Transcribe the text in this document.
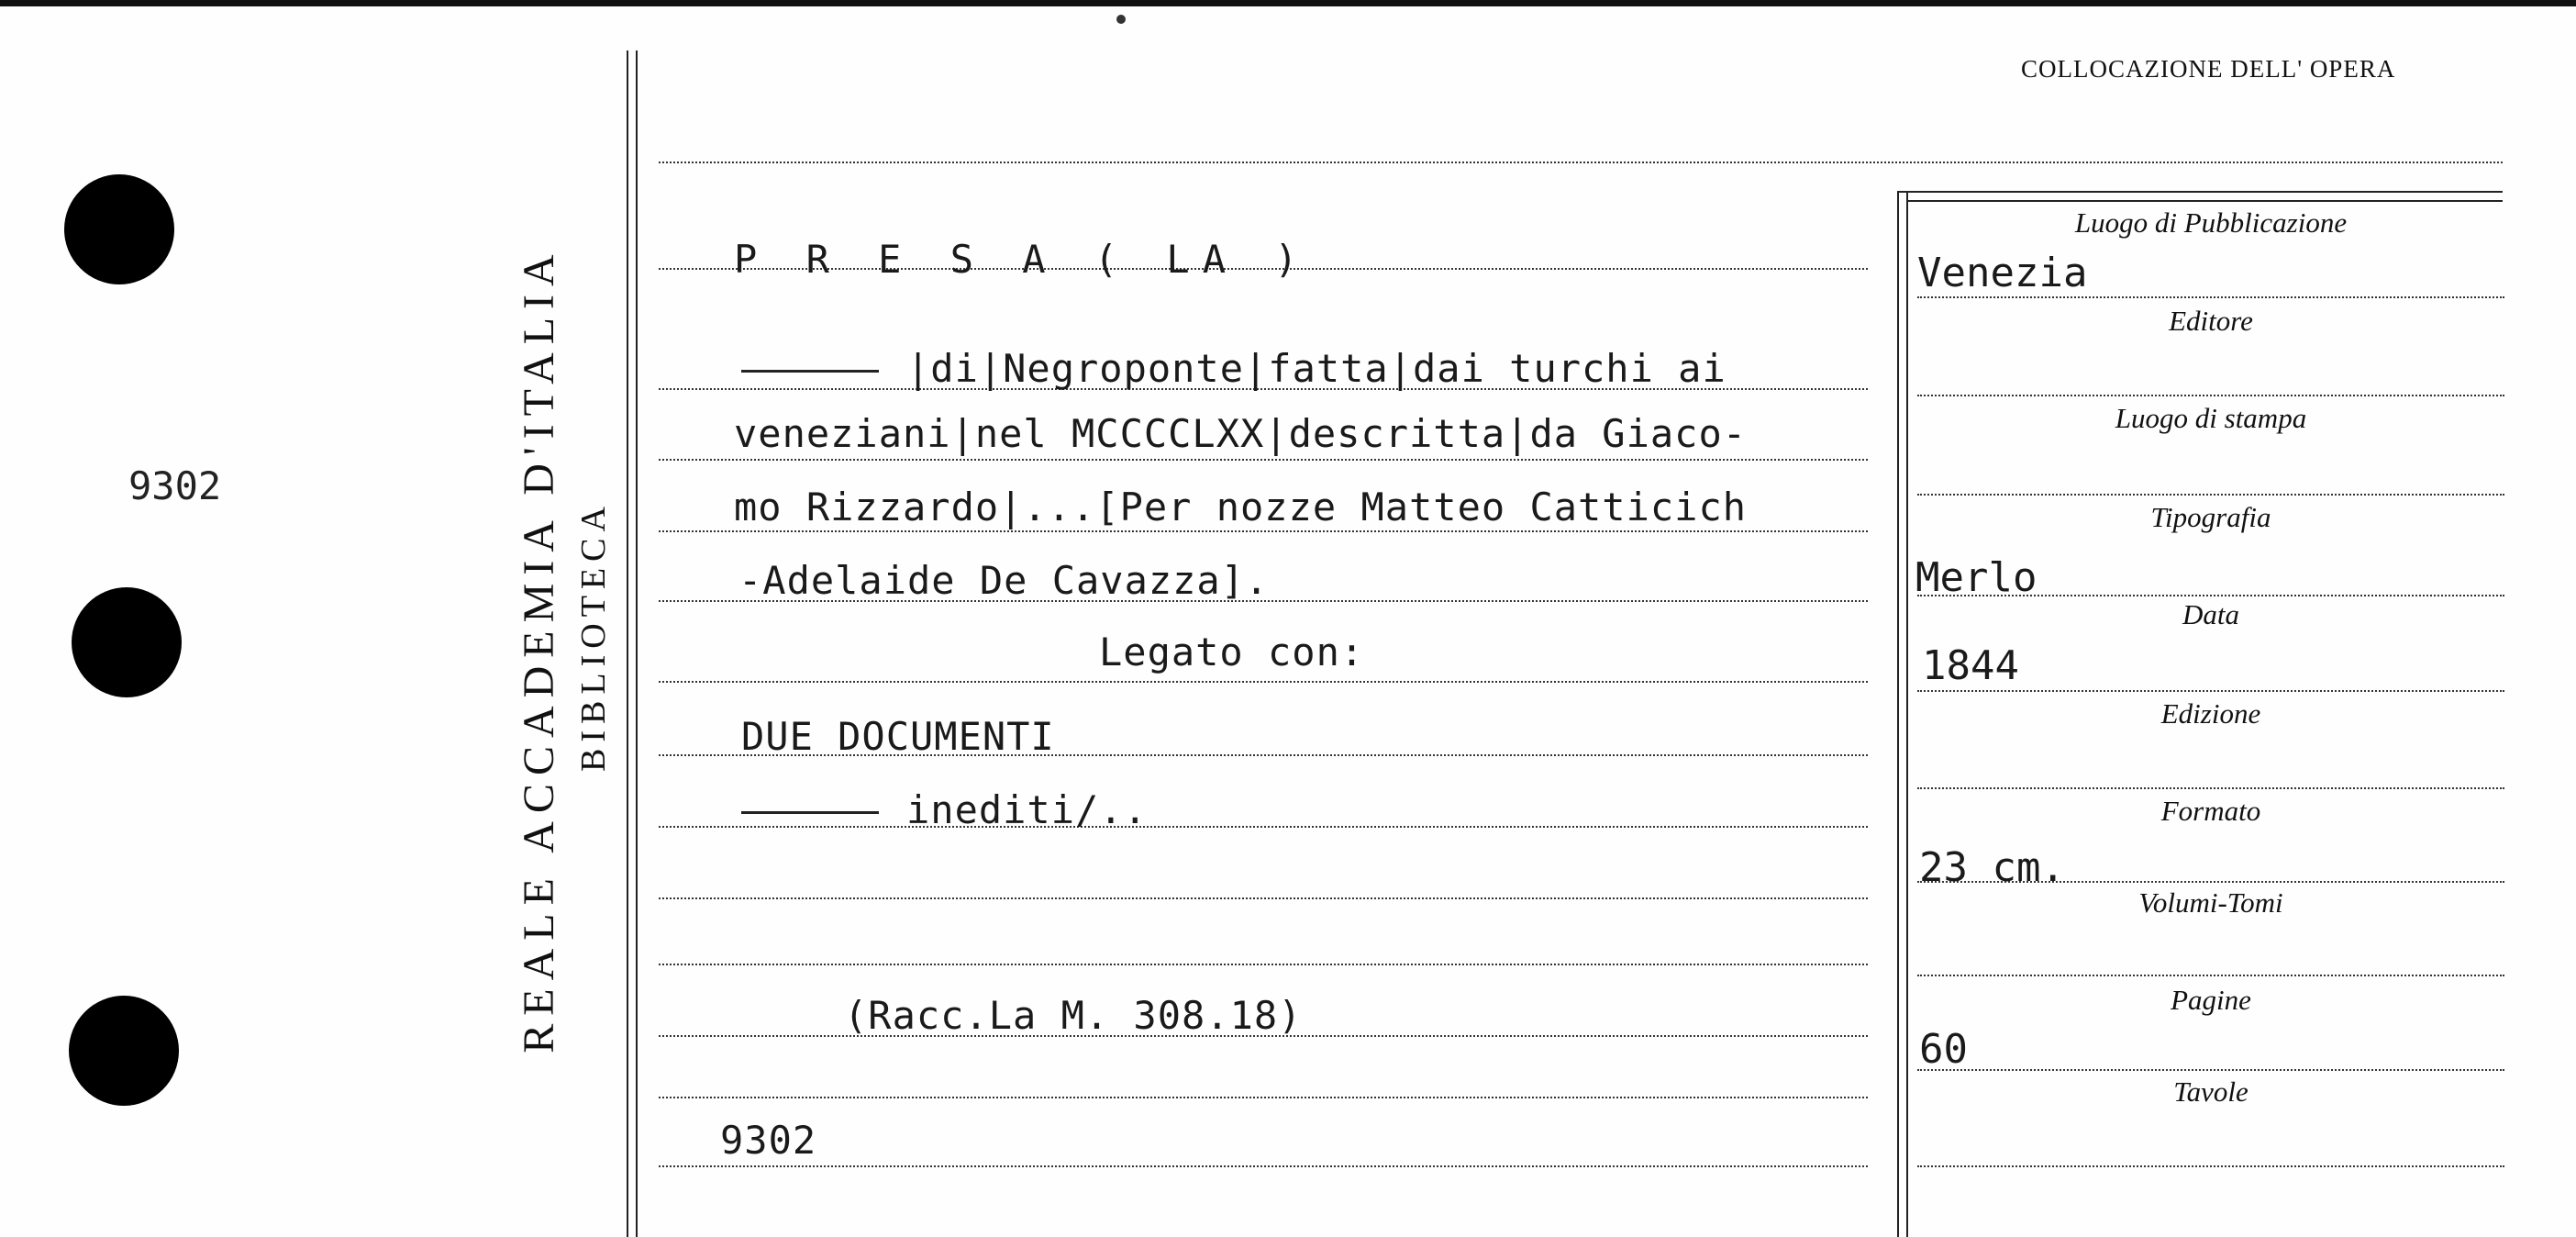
9302	REALE ACCADEMIA D'ITALIA BIBLIOTECA
COLLOCAZIONE DELL' OPERA
P R E S A ( LA )
|di|Negroponte|fatta|dai turchi ai
veneziani|nel MCCCCLXX|descritta|da Giaco-
mo Rizzardo|...[Per nozze Matteo Catticich
-Adelaide De Cavazza].
Legato con:
DUE DOCUMENTI
inediti/..
(Racc.La M. 308.18)
9302
Luogo di Pubblicazione
Venezia
Editore
Luogo di stampa
Tipografia
Merlo
Data
1844
Edizione
Formato
23 cm.
Volumi-Tomi
Pagine
60
Tavole
